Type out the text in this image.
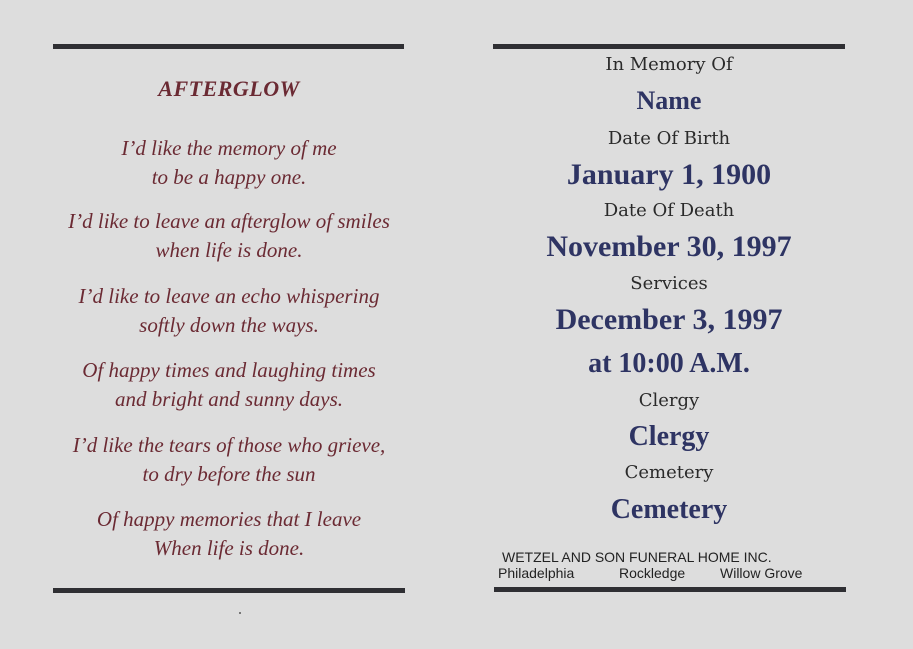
AFTERGLOW
I’d like the memory of me
to be a happy one.
I’d like to leave an afterglow of smiles
when life is done.
I’d like to leave an echo whispering
softly down the ways.
Of happy times and laughing times
and bright and sunny days.
I’d like the tears of those who grieve,
to dry before the sun
Of happy memories that I leave
When life is done.
In Memory Of
Name
Date Of Birth
January 1, 1900
Date Of Death
November 30, 1997
Services
December 3, 1997
at 10:00 A.M.
Clergy
Clergy
Cemetery
Cemetery
WETZEL AND SON FUNERAL HOME INC.
Philadelphia	Rockledge Willow Grove
